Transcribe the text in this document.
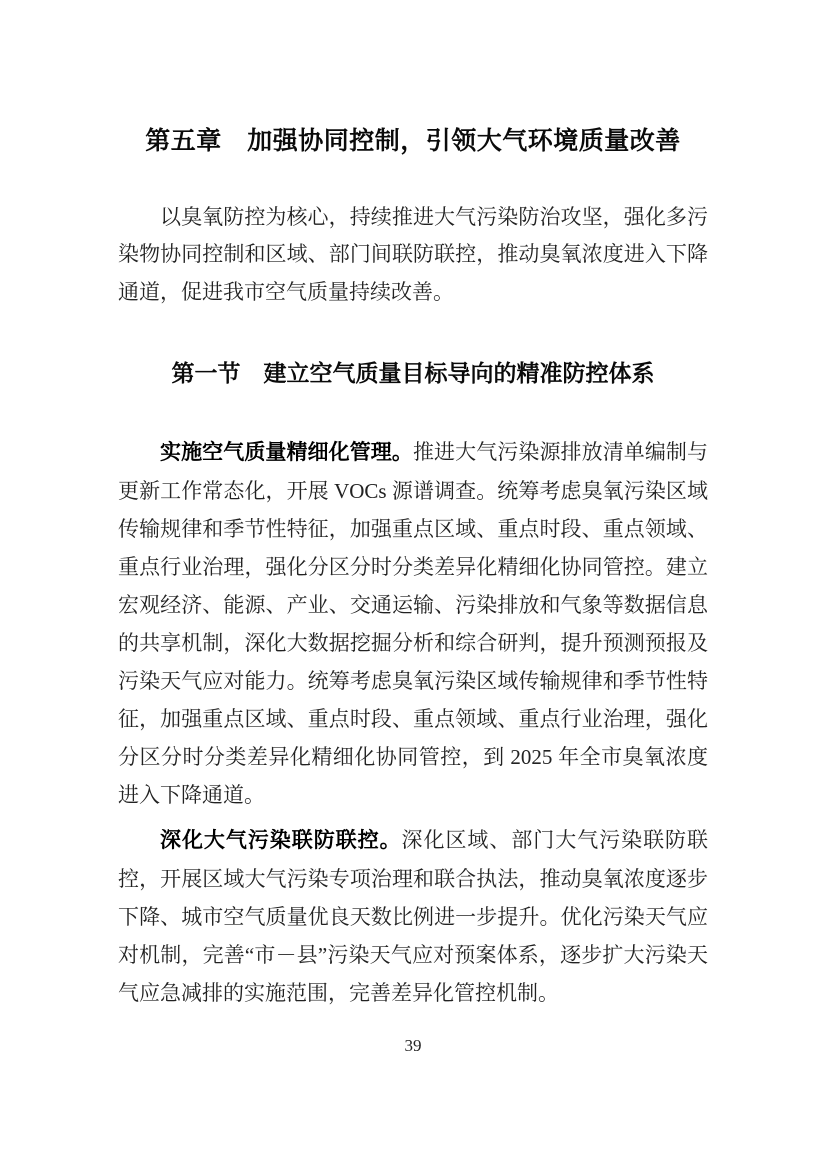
第五章　加强协同控制，引领大气环境质量改善

以臭氧防控为核心，持续推进大气污染防治攻坚，强化多污染物协同控制和区域、部门间联防联控，推动臭氧浓度进入下降通道，促进我市空气质量持续改善。

第一节　建立空气质量目标导向的精准防控体系

实施空气质量精细化管理。推进大气污染源排放清单编制与更新工作常态化，开展 VOCs 源谱调查。统筹考虑臭氧污染区域传输规律和季节性特征，加强重点区域、重点时段、重点领域、重点行业治理，强化分区分时分类差异化精细化协同管控。建立宏观经济、能源、产业、交通运输、污染排放和气象等数据信息的共享机制，深化大数据挖掘分析和综合研判，提升预测预报及污染天气应对能力。统筹考虑臭氧污染区域传输规律和季节性特征，加强重点区域、重点时段、重点领域、重点行业治理，强化分区分时分类差异化精细化协同管控，到 2025 年全市臭氧浓度进入下降通道。

深化大气污染联防联控。深化区域、部门大气污染联防联控，开展区域大气污染专项治理和联合执法，推动臭氧浓度逐步下降、城市空气质量优良天数比例进一步提升。优化污染天气应对机制，完善“市－县”污染天气应对预案体系，逐步扩大污染天气应急减排的实施范围，完善差异化管控机制。

39
